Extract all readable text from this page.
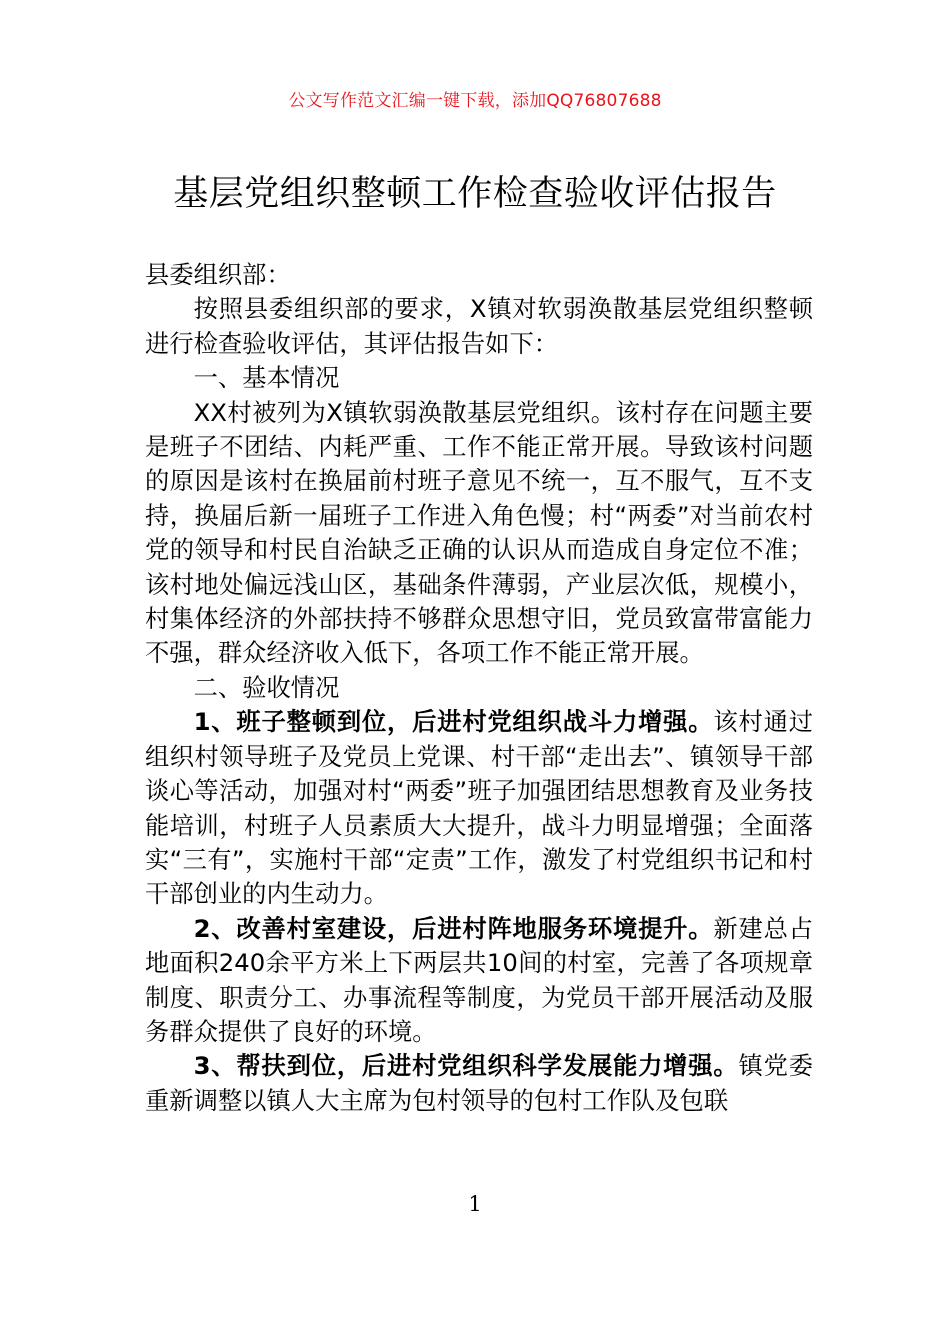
公文写作范文汇编一键下载，添加QQ76807688
基层党组织整顿工作检查验收评估报告

县委组织部：

按照县委组织部的要求，X镇对软弱涣散基层党组织整顿进行检查验收评估，其评估报告如下：

一、基本情况

XX村被列为X镇软弱涣散基层党组织。该村存在问题主要是班子不团结、内耗严重、工作不能正常开展。导致该村问题的原因是该村在换届前村班子意见不统一，互不服气，互不支持，换届后新一届班子工作进入角色慢；村“两委”对当前农村党的领导和村民自治缺乏正确的认识从而造成自身定位不准；该村地处偏远浅山区，基础条件薄弱，产业层次低，规模小，村集体经济的外部扶持不够群众思想守旧，党员致富带富能力不强，群众经济收入低下，各项工作不能正常开展。

二、验收情况

1、班子整顿到位，后进村党组织战斗力增强。该村通过组织村领导班子及党员上党课、村干部“走出去”、镇领导干部谈心等活动，加强对村“两委”班子加强团结思想教育及业务技能培训，村班子人员素质大大提升，战斗力明显增强；全面落实“三有”，实施村干部“定责”工作，激发了村党组织书记和村干部创业的内生动力。

2、改善村室建设，后进村阵地服务环境提升。新建总占地面积240余平方米上下两层共10间的村室，完善了各项规章制度、职责分工、办事流程等制度，为党员干部开展活动及服务群众提供了良好的环境。

3、帮扶到位，后进村党组织科学发展能力增强。镇党委重新调整以镇人大主席为包村领导的包村工作队及包联

1
